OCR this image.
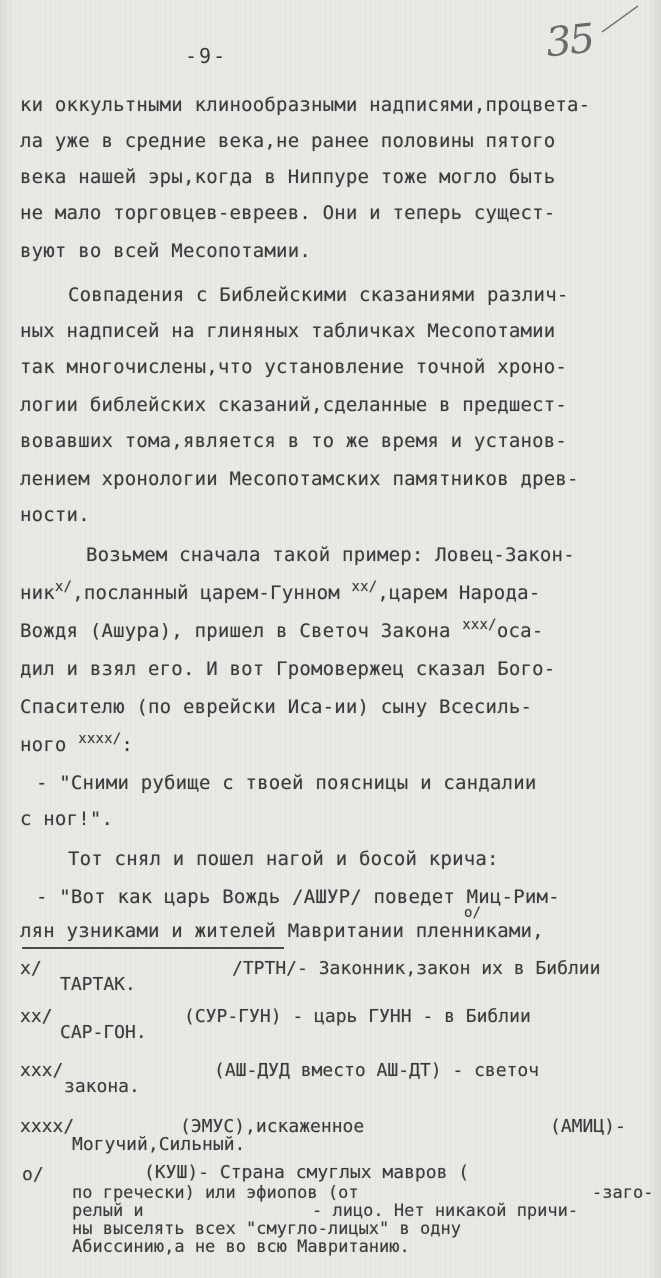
-9-	35
ки оккультными клинообразными надписями,процвета-
ла уже в средние века,не ранее половины пятого
века нашей эры,когда в Ниппуре тоже могло быть
не мало торговцев-евреев. Они и теперь сущест-
вуют во всей Месопотамии.
Совпадения с Библейскими сказаниями различ-
ных надписей на глиняных табличках Месопотамии
так многочислены,что установление точной хроно-
логии библейских сказаний,сделанные в предшест-
вовавших тома,является в то же время и установ-
лением хронологии Месопотамских памятников древ-
ности.
Возьмем сначала такой пример: Ловец-Закон-
ник$^{x/}$,посланный царем-Гунном $^{xx/}$,царем Народа-
Вождя (Ашура), пришел в Светоч Закона $^{xxx/}$оса-
дил и взял его. И вот Громовержец сказал Бого-
Спасителю (по еврейски Иса-ии) сыну Всесиль-
ного $^{xxxx/}$:
- "Сними рубище с твоей поясницы и сандалии
с ног!".
Тот снял и пошел нагой и босой крича:
- "Вот как царь Вождь /АШУР/ поведет Миц-Рим-
o/
лян узниками и жителей Мавритании пленниками,
x/	/ТРТН/- Законник,закон их в Библии
ТАРТАК.
xx/	(СУР-ГУН) - царь ГУНН - в Библии
САР-ГОН.
xxx/	(АШ-ДУД вместо АШ-ДТ) - светоч
закона.
xxxx/	(ЭМУС),искаженное	(АМИЦ)-
Могучий,Сильный.
o/	(КУШ)- Страна смуглых мавров (
по гречески) или эфиопов (от	-заго-
релый и	- лицо. Нет никакой причи-
ны выселять всех "смугло-лицых" в одну
Абиссинию,а не во всю Мавританию.
